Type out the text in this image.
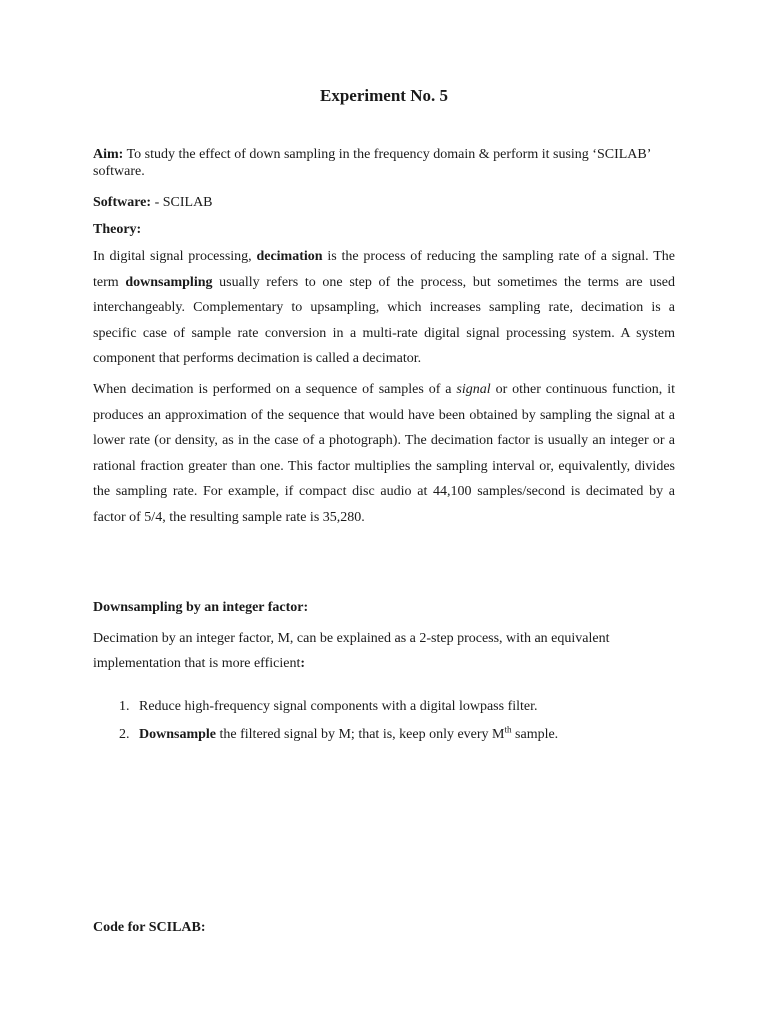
Experiment No. 5
Aim: To study the effect of down sampling in the frequency domain & perform it susing ‘SCILAB’ software.
Software: - SCILAB
Theory:
In digital signal processing, decimation is the process of reducing the sampling rate of a signal. The term downsampling usually refers to one step of the process, but sometimes the terms are used interchangeably. Complementary to upsampling, which increases sampling rate, decimation is a specific case of sample rate conversion in a multi-rate digital signal processing system. A system component that performs decimation is called a decimator.
When decimation is performed on a sequence of samples of a signal or other continuous function, it produces an approximation of the sequence that would have been obtained by sampling the signal at a lower rate (or density, as in the case of a photograph). The decimation factor is usually an integer or a rational fraction greater than one. This factor multiplies the sampling interval or, equivalently, divides the sampling rate. For example, if compact disc audio at 44,100 samples/second is decimated by a factor of 5/4, the resulting sample rate is 35,280.
Downsampling by an integer factor:
Decimation by an integer factor, M, can be explained as a 2-step process, with an equivalent implementation that is more efficient:
1. Reduce high-frequency signal components with a digital lowpass filter.
2. Downsample the filtered signal by M; that is, keep only every Mth sample.
Code for SCILAB:
